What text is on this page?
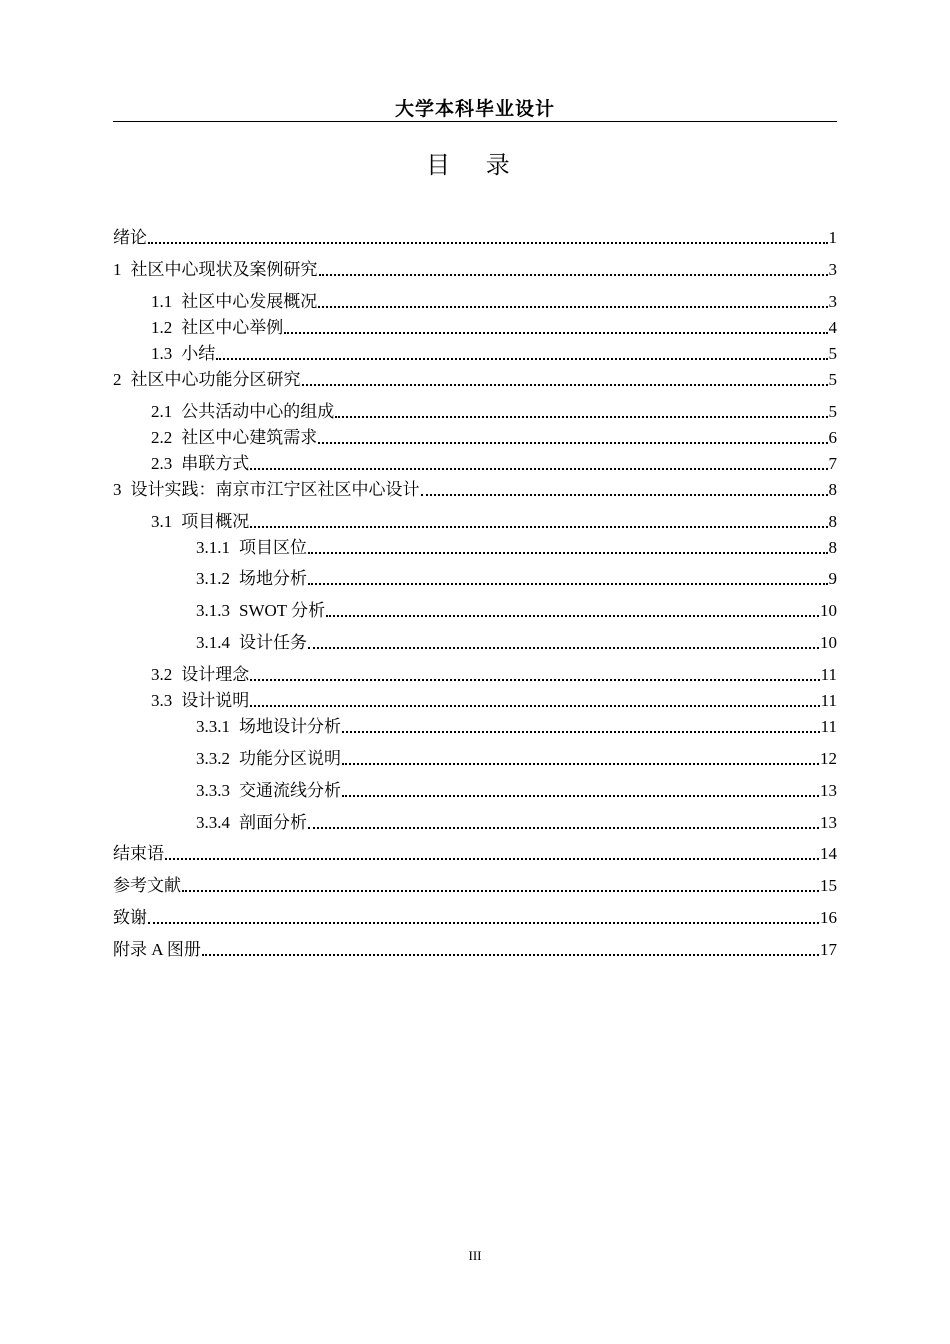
大学本科毕业设计
目 录
绪论	1
1 社区中心现状及案例研究	3
1.1 社区中心发展概况	3
1.2 社区中心举例	4
1.3 小结	5
2 社区中心功能分区研究	5
2.1 公共活动中心的组成	5
2.2 社区中心建筑需求	6
2.3 串联方式	7
3 设计实践：南京市江宁区社区中心设计	8
3.1 项目概况	8
3.1.1 项目区位	8
3.1.2 场地分析	9
3.1.3 SWOT 分析	10
3.1.4 设计任务	10
3.2 设计理念	11
3.3 设计说明	11
3.3.1 场地设计分析	11
3.3.2 功能分区说明	12
3.3.3 交通流线分析	13
3.3.4 剖面分析	13
结束语	14
参考文献	15
致谢	16
附录 A 图册	17
III
